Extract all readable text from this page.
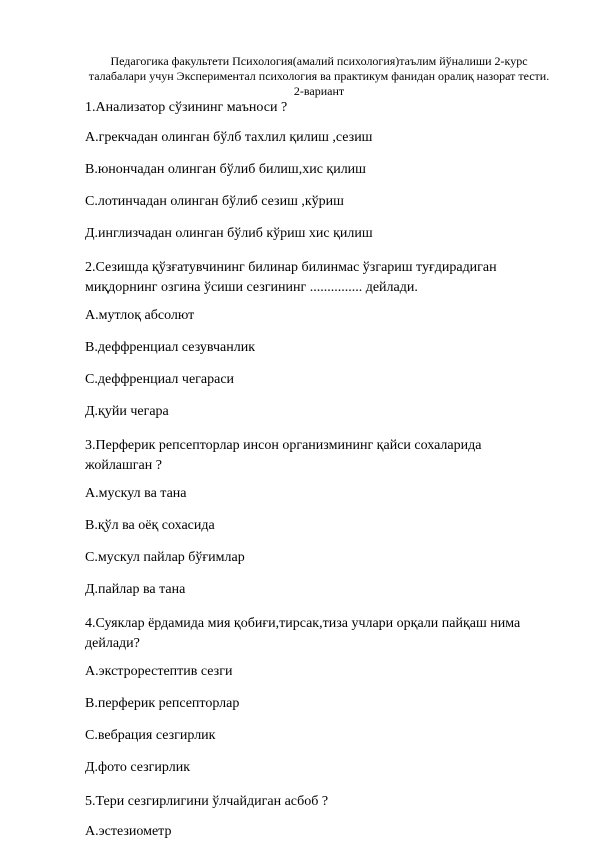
Педагогика факультети Психология(амалий психология)таълим йўналиши 2-курс
талабалари учун Экспериментал психология ва практикум фанидан оралиқ назорат тести.
2-вариант
1.Анализатор сўзининг маъноси ?
А.грекчадан олинган бўлб тахлил қилиш ,сезиш
В.юнончадан олинган бўлиб билиш,хис қилиш
С.лотинчадан олинган бўлиб сезиш ,кўриш
Д.инглизчадан олинган бўлиб кўриш хис қилиш
2.Сезишда қўзғатувчининг билинар билинмас ўзгариш туғдирадиган
миқдорнинг озгина ўсиши сезгининг ............... дейлади.
А.мутлоқ абсолют
В.деффренциал сезувчанлик
С.деффренциал чегараси
Д.қуйи чегара
3.Перферик репсепторлар инсон организмининг қайси сохаларида
жойлашган ?
А.мускул ва тана
В.қўл ва оёқ сохасида
С.мускул пайлар бўғимлар
Д.пайлар ва тана
4.Суяклар ёрдамида мия қобиғи,тирсак,тиза учлари орқали пайқаш нима
дейлади?
А.экстрорестептив сезги
В.перферик репсепторлар
С.вебрация сезгирлик
Д.фото сезгирлик
5.Тери сезгирлигини ўлчайдиган асбоб ?
А.эстезиометр
